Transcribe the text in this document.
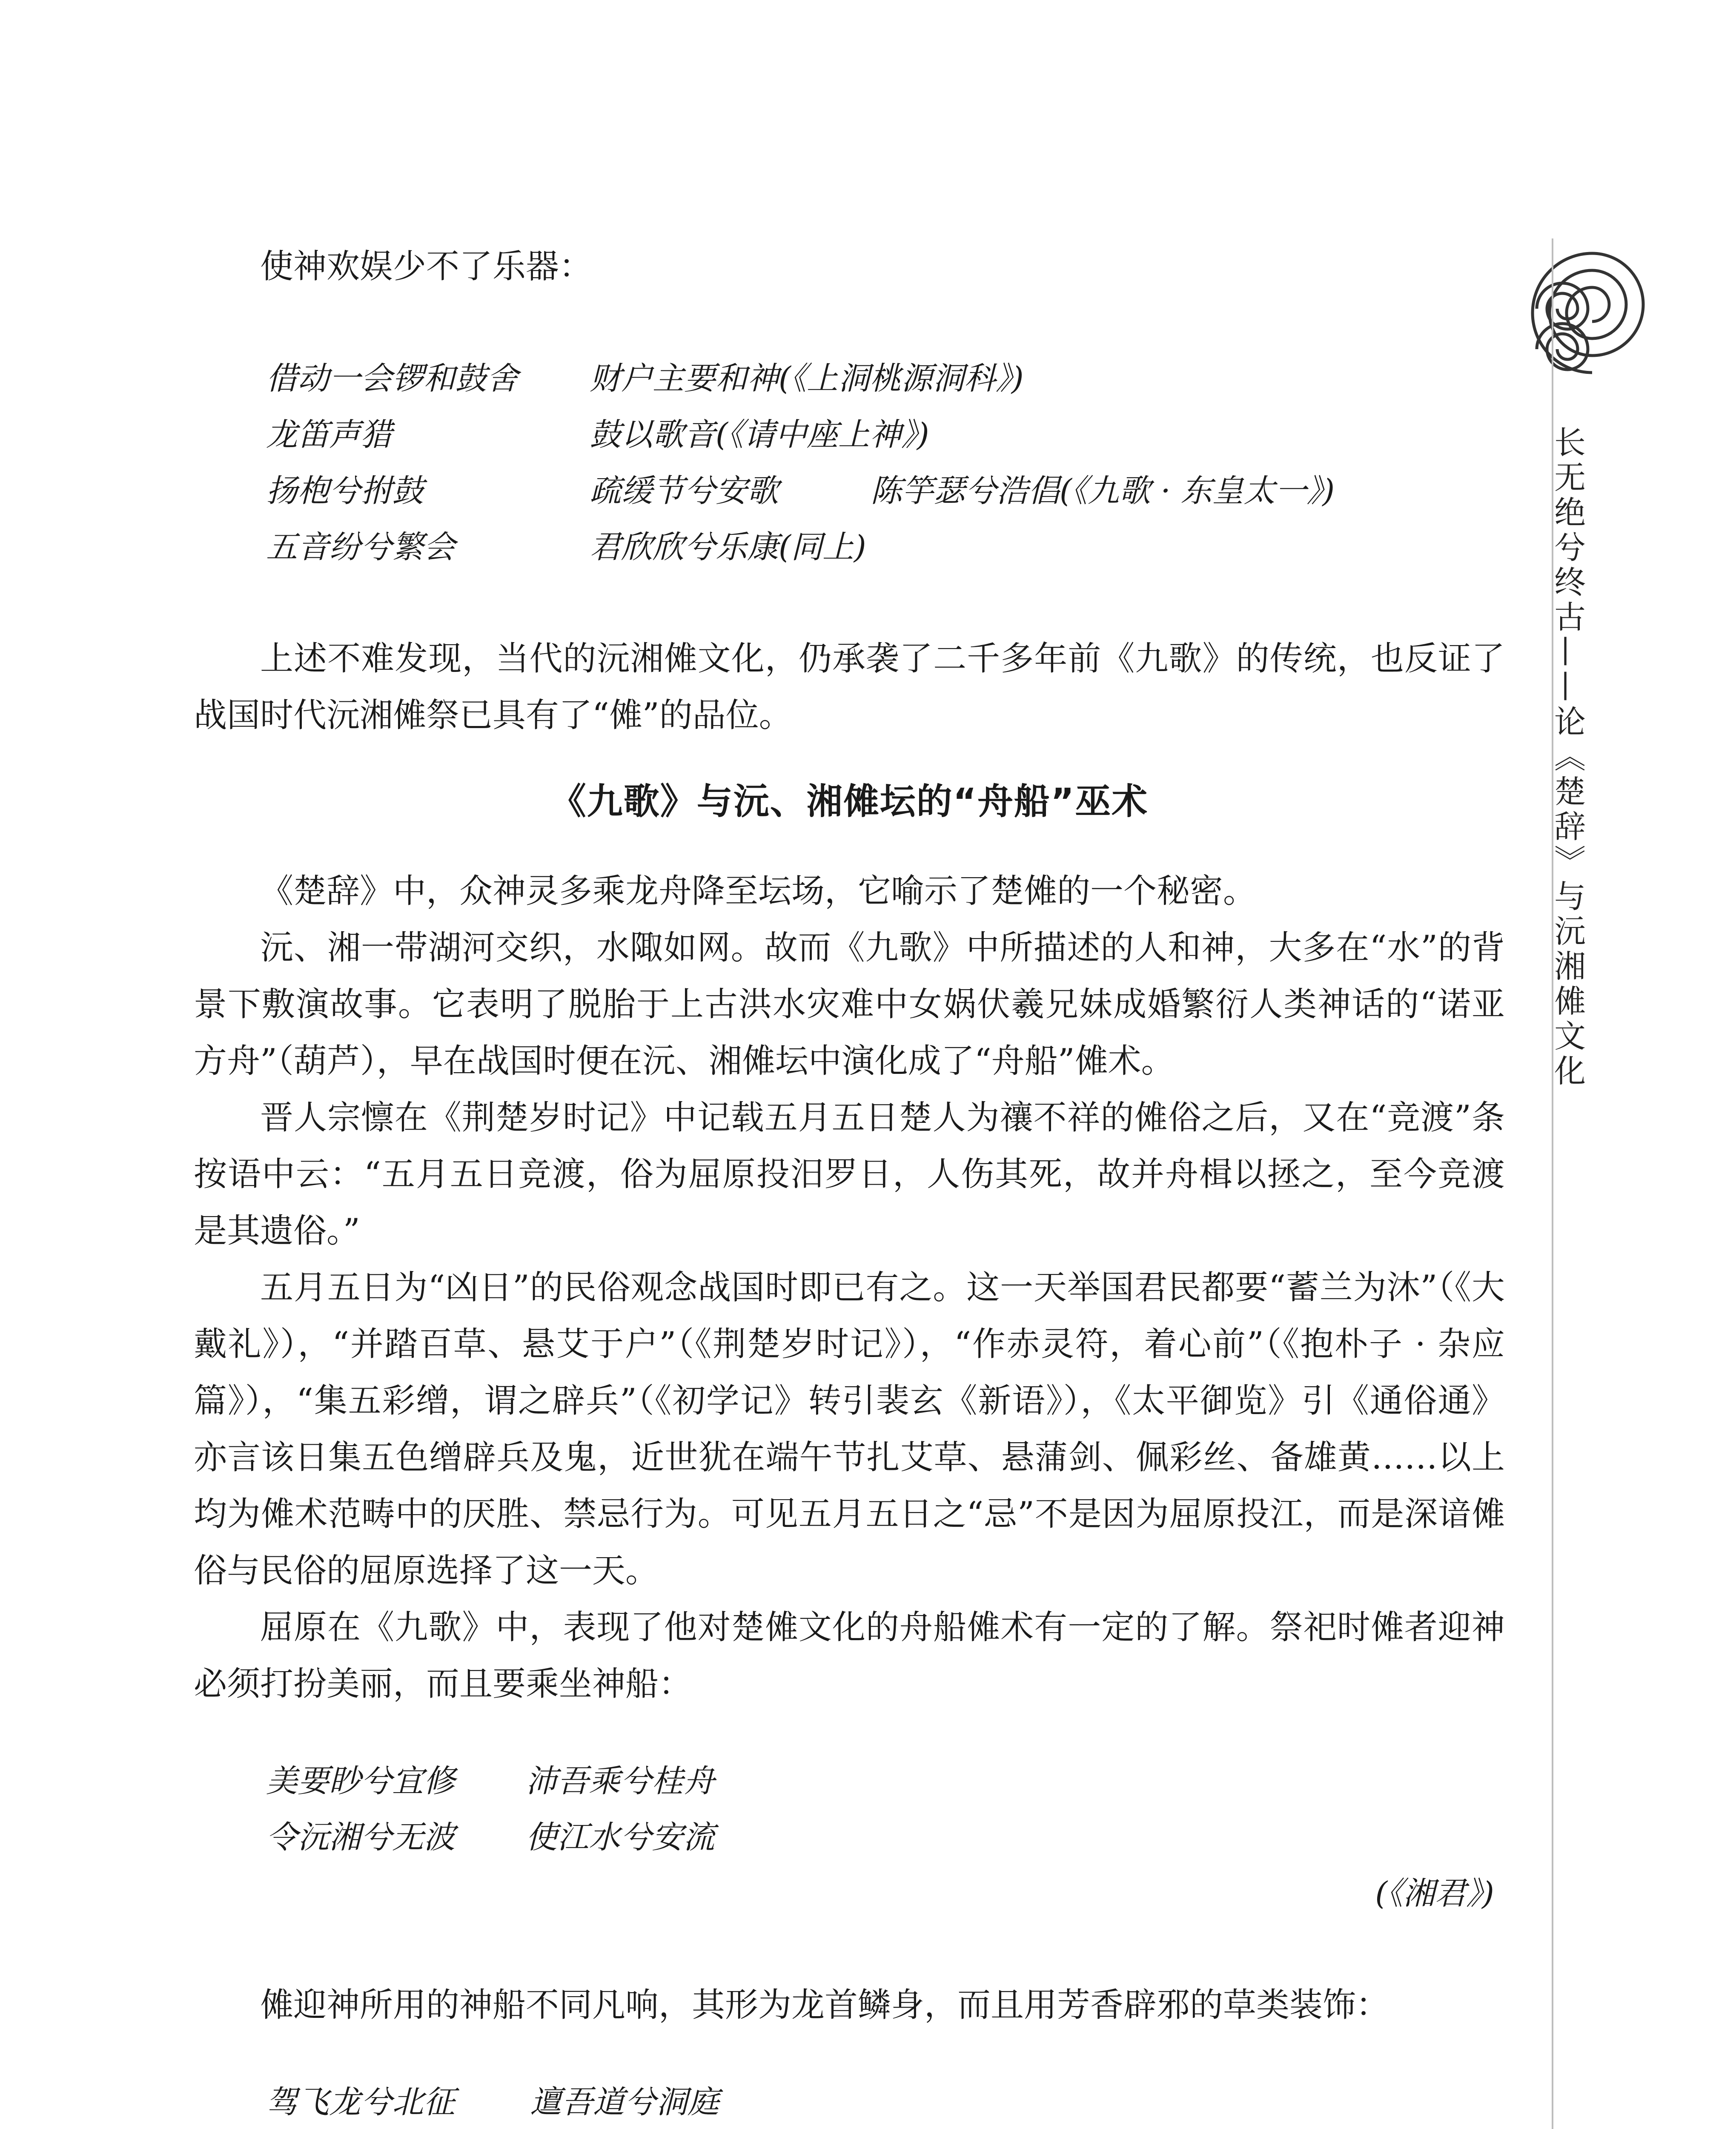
使神欢娱少不了乐器：

借动一会锣和鼓舍	财户主要和神(《上洞桃源洞科》)
龙笛声猎	鼓以歌音(《请中座上神》)
扬枹兮拊鼓	疏缓节兮安歌	陈竽瑟兮浩倡(《九歌 · 东皇太一》)
五音纷兮繁会	君欣欣兮乐康(同上)

上述不难发现，当代的沅湘傩文化，仍承袭了二千多年前《九歌》的传统，也反证了战国时代沅湘傩祭已具有了“傩”的品位。

《九歌》与沅、湘傩坛的“舟船”巫术

《楚辞》中，众神灵多乘龙舟降至坛场，它喻示了楚傩的一个秘密。

沅、湘一带湖河交织，水陬如网。故而《九歌》中所描述的人和神，大多在“水”的背景下敷演故事。它表明了脱胎于上古洪水灾难中女娲伏羲兄妹成婚繁衍人类神话的“诺亚方舟”（葫芦），早在战国时便在沅、湘傩坛中演化成了“舟船”傩术。

晋人宗懔在《荆楚岁时记》中记载五月五日楚人为禳不祥的傩俗之后，又在“竞渡”条按语中云：“五月五日竞渡，俗为屈原投汨罗日，人伤其死，故并舟楫以拯之，至今竞渡是其遗俗。”

五月五日为“凶日”的民俗观念战国时即已有之。这一天举国君民都要“蓄兰为沐”（《大戴礼》），“并踏百草、悬艾于户”（《荆楚岁时记》），“作赤灵符，着心前”（《抱朴子 · 杂应篇》），“集五彩缯，谓之辟兵”（《初学记》转引裴玄《新语》），《太平御览》引《通俗通》亦言该日集五色缯辟兵及鬼，近世犹在端午节扎艾草、悬蒲剑、佩彩丝、备雄黄……以上均为傩术范畴中的厌胜、禁忌行为。可见五月五日之“忌”不是因为屈原投江，而是深谙傩俗与民俗的屈原选择了这一天。

屈原在《九歌》中，表现了他对楚傩文化的舟船傩术有一定的了解。祭祀时傩者迎神必须打扮美丽，而且要乘坐神船：

美要眇兮宜修	沛吾乘兮桂舟
令沅湘兮无波	使江水兮安流
(《湘君》)

傩迎神所用的神船不同凡响，其形为龙首鳞身，而且用芳香辟邪的草类装饰：

驾飞龙兮北征	邅吾道兮洞庭
长无绝兮终古——论《楚辞》与沅湘傩文化
